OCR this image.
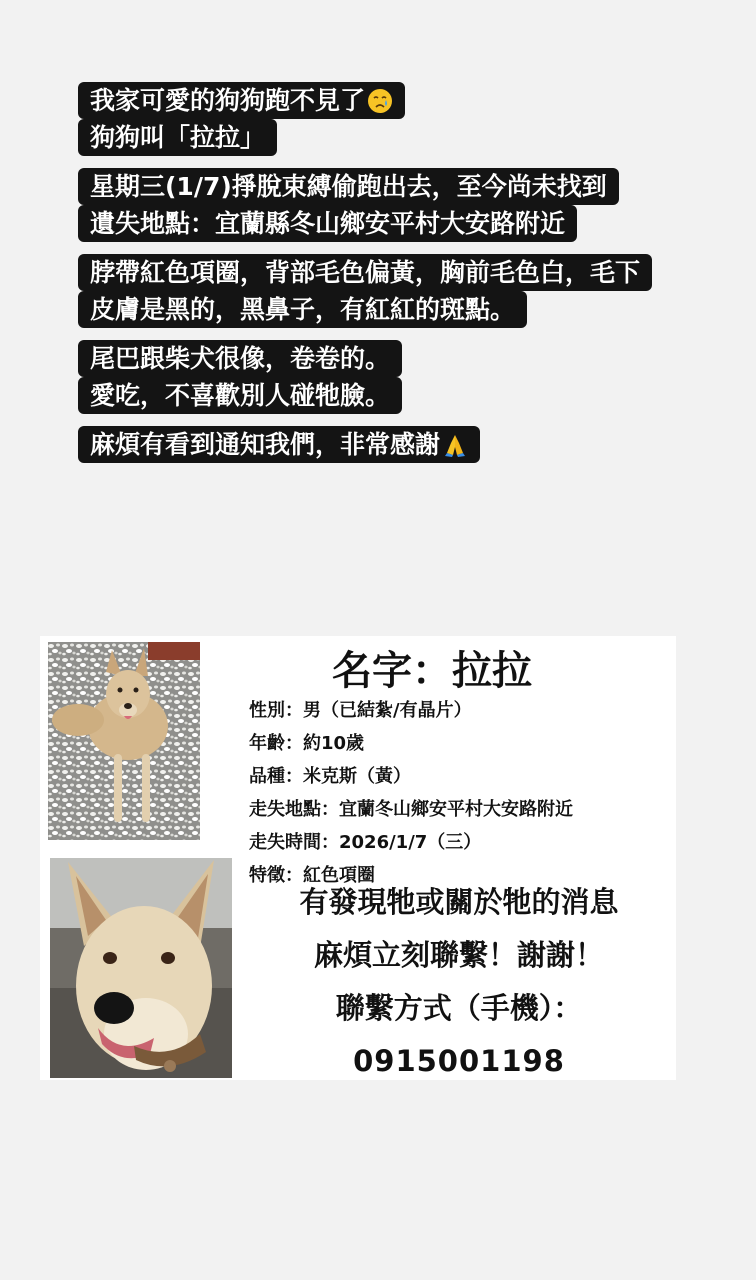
我家可愛的狗狗跑不見了
狗狗叫「拉拉」
星期三(1/7)掙脫束縛偷跑出去，至今尚未找到
遺失地點：宜蘭縣冬山鄉安平村大安路附近
脖帶紅色項圈，背部毛色偏黃，胸前毛色白，毛下
皮膚是黑的，黑鼻子，有紅紅的斑點。
尾巴跟柴犬很像，卷卷的。
愛吃，不喜歡別人碰牠臉。
麻煩有看到通知我們，非常感謝
名字：拉拉
性別：男（已結紮/有晶片）
年齡：約10歲
品種：米克斯（黃）
走失地點：宜蘭冬山鄉安平村大安路附近
走失時間：2026/1/7（三）
特徵：紅色項圈
有發現牠或關於牠的消息
麻煩立刻聯繫！謝謝！
聯繫方式（手機）：
0915001198
